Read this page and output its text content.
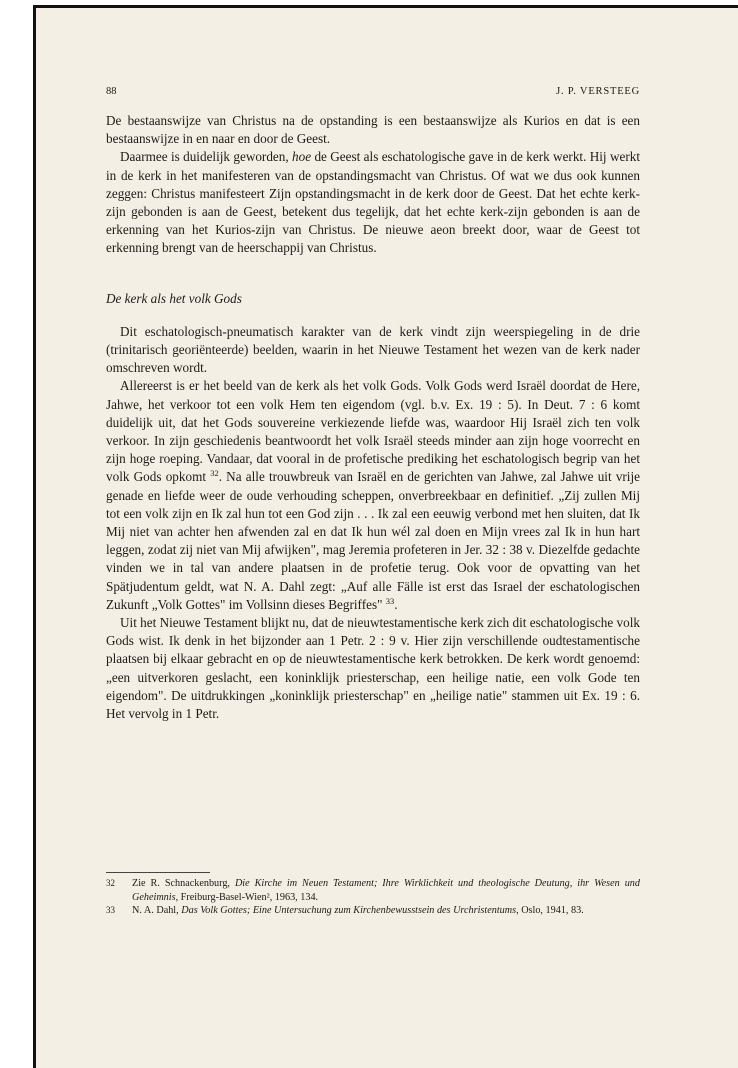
88	J. P. VERSTEEG

De bestaanswijze van Christus na de opstanding is een bestaanswijze als Kurios en dat is een bestaanswijze in en naar en door de Geest.

Daarmee is duidelijk geworden, hoe de Geest als eschatologische gave in de kerk werkt. Hij werkt in de kerk in het manifesteren van de opstandingsmacht van Christus. Of wat we dus ook kunnen zeggen: Christus manifesteert Zijn opstandingsmacht in de kerk door de Geest. Dat het echte kerk-zijn gebonden is aan de Geest, betekent dus tegelijk, dat het echte kerk-zijn gebonden is aan de erkenning van het Kurios-zijn van Christus. De nieuwe aeon breekt door, waar de Geest tot erkenning brengt van de heerschappij van Christus.

De kerk als het volk Gods

Dit eschatologisch-pneumatisch karakter van de kerk vindt zijn weerspiegeling in de drie (trinitarisch georiënteerde) beelden, waarin in het Nieuwe Testament het wezen van de kerk nader omschreven wordt.

Allereerst is er het beeld van de kerk als het volk Gods. Volk Gods werd Israël doordat de Here, Jahwe, het verkoor tot een volk Hem ten eigendom (vgl. b.v. Ex. 19 : 5). In Deut. 7 : 6 komt duidelijk uit, dat het Gods souvereine verkiezende liefde was, waardoor Hij Israël zich ten volk verkoor. In zijn geschiedenis beantwoordt het volk Israël steeds minder aan zijn hoge voorrecht en zijn hoge roeping. Vandaar, dat vooral in de profetische prediking het eschatologisch begrip van het volk Gods opkomt $^{32}$. Na alle trouwbreuk van Israël en de gerichten van Jahwe, zal Jahwe uit vrije genade en liefde weer de oude verhouding scheppen, onverbreekbaar en definitief. „Zij zullen Mij tot een volk zijn en Ik zal hun tot een God zijn . . . Ik zal een eeuwig verbond met hen sluiten, dat Ik Mij niet van achter hen afwenden zal en dat Ik hun wél zal doen en Mijn vrees zal Ik in hun hart leggen, zodat zij niet van Mij afwijken", mag Jeremia profeteren in Jer. 32 : 38 v. Diezelfde gedachte vinden we in tal van andere plaatsen in de profetie terug. Ook voor de opvatting van het Spätjudentum geldt, wat N. A. Dahl zegt: „Auf alle Fälle ist erst das Israel der eschatologischen Zukunft „Volk Gottes" im Vollsinn dieses Begriffes" $^{33}$.

Uit het Nieuwe Testament blijkt nu, dat de nieuwtestamentische kerk zich dit eschatologische volk Gods wist. Ik denk in het bijzonder aan 1 Petr. 2 : 9 v. Hier zijn verschillende oudtestamentische plaatsen bij elkaar gebracht en op de nieuwtestamentische kerk betrokken. De kerk wordt genoemd: „een uitverkoren geslacht, een koninklijk priesterschap, een heilige natie, een volk Gode ten eigendom". De uitdrukkingen „koninklijk priesterschap" en „heilige natie" stammen uit Ex. 19 : 6. Het vervolg in 1 Petr.

32 Zie R. Schnackenburg, Die Kirche im Neuen Testament; Ihre Wirklichkeit und theologische Deutung, ihr Wesen und Geheimnis, Freiburg-Basel-Wien², 1963, 134.
33 N. A. Dahl, Das Volk Gottes; Eine Untersuchung zum Kirchenbewusstsein des Urchristentums, Oslo, 1941, 83.
